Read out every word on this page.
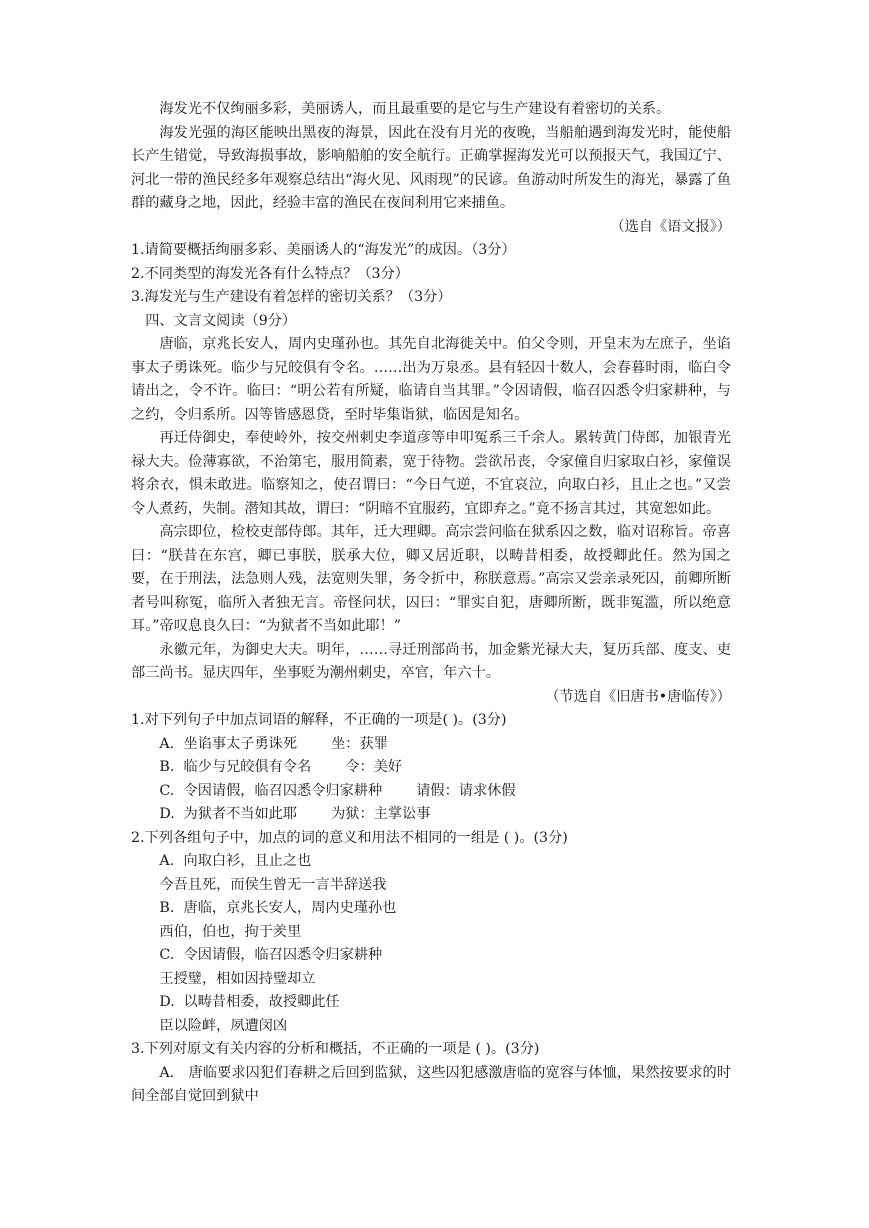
海发光不仅绚丽多彩，美丽诱人，而且最重要的是它与生产建设有着密切的关系。

海发光强的海区能映出黑夜的海景，因此在没有月光的夜晚，当船舶遇到海发光时，能使船长产生错觉，导致海损事故，影响船舶的安全航行。正确掌握海发光可以预报天气，我国辽宁、河北一带的渔民经多年观察总结出“海火见、风雨现”的民谚。鱼游动时所发生的海光，暴露了鱼群的藏身之地，因此，经验丰富的渔民在夜间利用它来捕鱼。

（选自《语文报》）

1.请简要概括绚丽多彩、美丽诱人的“海发光”的成因。（3分）

2.不同类型的海发光各有什么特点？（3分）

3.海发光与生产建设有着怎样的密切关系？（3分）

四、文言文阅读（9分）

唐临，京兆长安人，周内史瑾孙也。其先自北海徙关中。伯父令则，开皇末为左庶子，坐谄事太子勇诛死。临少与兄皎俱有令名。……出为万泉丞。县有轻囚十数人，会春暮时雨，临白令请出之，令不许。临曰：“明公若有所疑，临请自当其罪。”令因请假，临召囚悉令归家耕种，与之约，令归系所。囚等皆感恩贷，至时毕集诣狱，临因是知名。

再迁侍御史，奉使岭外，按交州刺史李道彦等申叩冤系三千余人。累转黄门侍郎，加银青光禄大夫。俭薄寡欲，不治第宅，服用简素，宽于待物。尝欲吊丧，令家僮自归家取白衫，家僮误将余衣，惧未敢进。临察知之，使召谓曰：“今日气逆，不宜哀泣，向取白衫，且止之也。”又尝令人煮药，失制。潜知其故，谓曰：“阴暗不宜服药，宜即弃之。”竟不扬言其过，其宽恕如此。

高宗即位，检校吏部侍郎。其年，迁大理卿。高宗尝问临在狱系囚之数，临对诏称旨。帝喜曰：“朕昔在东宫，卿已事朕，朕承大位，卿又居近职，以畴昔相委，故授卿此任。然为国之要，在于刑法，法急则人残，法宽则失罪，务令折中，称朕意焉。”高宗又尝亲录死囚，前卿所断者号叫称冤，临所入者独无言。帝怪问状，囚曰：“罪实自犯，唐卿所断，既非冤滥，所以绝意耳。”帝叹息良久曰：“为狱者不当如此耶！”

永徽元年，为御史大夫。明年，……寻迁刑部尚书，加金紫光禄大夫，复历兵部、度支、吏部三尚书。显庆四年，坐事贬为潮州刺史，卒官，年六十。

（节选自《旧唐书•唐临传》）

1.对下列句子中加点词语的解释，不正确的一项是( )。(3分)

A. 坐谄事太子勇诛死 坐：获罪

B. 临少与兄皎俱有令名 令：美好

C. 令因请假，临召囚悉令归家耕种 请假：请求休假

D. 为狱者不当如此耶 为狱：主掌讼事

2.下列各组句子中，加点的词的意义和用法不相同的一组是 ( )。(3分)

A. 向取白衫，且止之也

今吾且死，而侯生曾无一言半辞送我

B. 唐临，京兆长安人，周内史瑾孙也

西伯，伯也，拘于羑里

C. 令因请假，临召囚悉令归家耕种

王授璧，相如因持璧却立

D. 以畴昔相委，故授卿此任

臣以险衅，夙遭闵凶

3.下列对原文有关内容的分析和概括，不正确的一项是 ( )。(3分)

A.　 唐临要求囚犯们春耕之后回到监狱，这些囚犯感激唐临的宽容与体恤，果然按要求的时间全部自觉回到狱中
